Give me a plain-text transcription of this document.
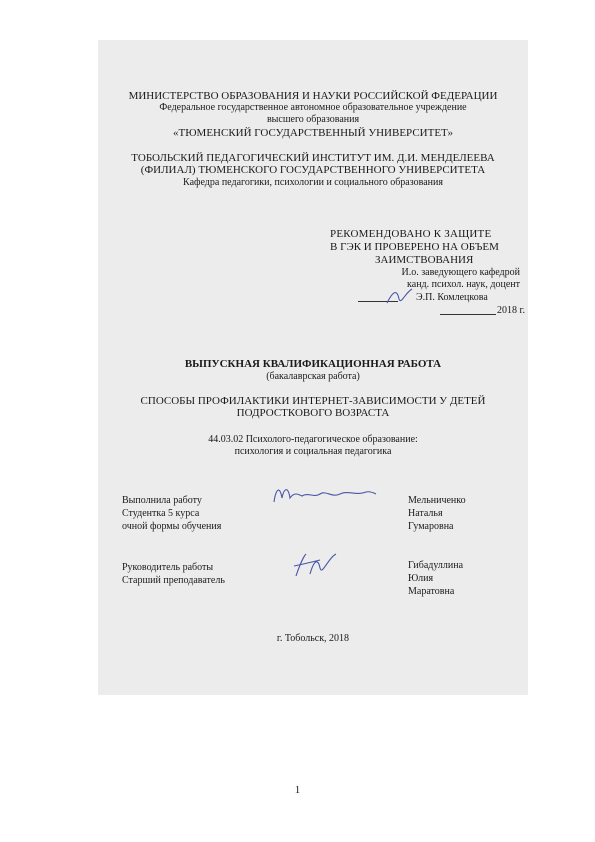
МИНИСТЕРСТВО ОБРАЗОВАНИЯ И НАУКИ РОССИЙСКОЙ ФЕДЕРАЦИИ
Федеральное государственное автономное образовательное учреждение
высшего образования
«ТЮМЕНСКИЙ ГОСУДАРСТВЕННЫЙ УНИВЕРСИТЕТ»
ТОБОЛЬСКИЙ ПЕДАГОГИЧЕСКИЙ ИНСТИТУТ ИМ. Д.И. МЕНДЕЛЕЕВА
(ФИЛИАЛ) ТЮМЕНСКОГО ГОСУДАРСТВЕННОГО УНИВЕРСИТЕТА
Кафедра педагогики, психологии и социального образования
РЕКОМЕНДОВАНО К ЗАЩИТЕ
В ГЭК И ПРОВЕРЕНО НА ОБЪЕМ
ЗАИМСТВОВАНИЯ
И.о. заведующего кафедрой
канд. психол. наук, доцент
Э.П. Комлецкова
2018 г.
ВЫПУСКНАЯ КВАЛИФИКАЦИОННАЯ РАБОТА
(бакалаврская работа)
СПОСОБЫ ПРОФИЛАКТИКИ ИНТЕРНЕТ-ЗАВИСИМОСТИ У ДЕТЕЙ
ПОДРОСТКОВОГО ВОЗРАСТА
44.03.02 Психолого-педагогическое образование:
психология и социальная педагогика
Выполнила работу
Студентка 5 курса
очной формы обучения
Мельниченко
Наталья
Гумаровна
Руководитель работы
Старший преподаватель
Гибадуллина
Юлия
Маратовна
г. Тобольск, 2018
1
